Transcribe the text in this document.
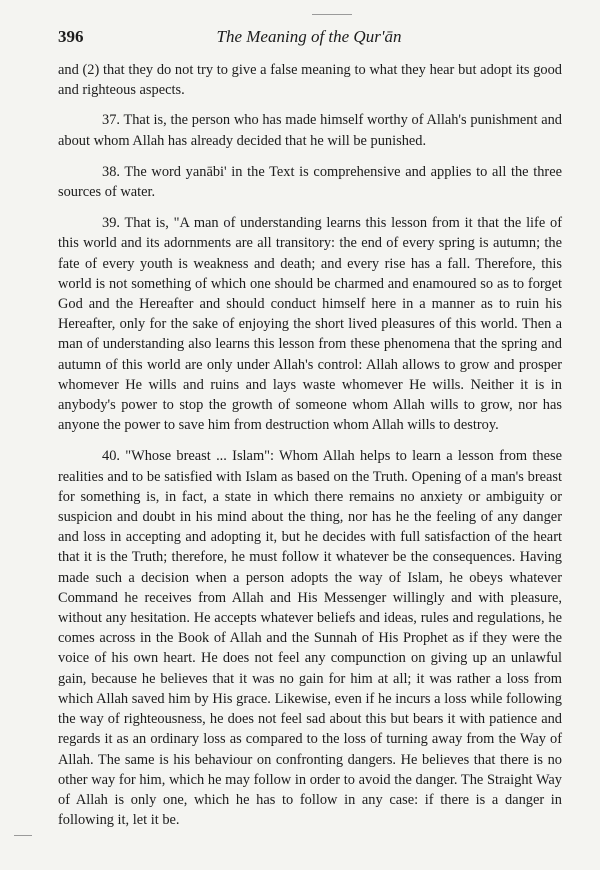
396	The Meaning of the Qur'ān

and (2) that they do not try to give a false meaning to what they hear but adopt its good and righteous aspects.

37. That is, the person who has made himself worthy of Allah's punishment and about whom Allah has already decided that he will be punished.

38. The word yanābi' in the Text is comprehensive and applies to all the three sources of water.

39. That is, "A man of understanding learns this lesson from it that the life of this world and its adornments are all transitory: the end of every spring is autumn; the fate of every youth is weakness and death; and every rise has a fall. Therefore, this world is not something of which one should be charmed and enamoured so as to forget God and the Hereafter and should conduct himself here in a manner as to ruin his Hereafter, only for the sake of enjoying the short lived pleasures of this world. Then a man of understanding also learns this lesson from these phenomena that the spring and autumn of this world are only under Allah's control: Allah allows to grow and prosper whomever He wills and ruins and lays waste whomever He wills. Neither it is in anybody's power to stop the growth of someone whom Allah wills to grow, nor has anyone the power to save him from destruction whom Allah wills to destroy.

40. "Whose breast ... Islam": Whom Allah helps to learn a lesson from these realities and to be satisfied with Islam as based on the Truth. Opening of a man's breast for something is, in fact, a state in which there remains no anxiety or ambiguity or suspicion and doubt in his mind about the thing, nor has he the feeling of any danger and loss in accepting and adopting it, but he decides with full satisfaction of the heart that it is the Truth; therefore, he must follow it whatever be the consequences. Having made such a decision when a person adopts the way of Islam, he obeys whatever Command he receives from Allah and His Messenger willingly and with pleasure, without any hesitation. He accepts whatever beliefs and ideas, rules and regulations, he comes across in the Book of Allah and the Sunnah of His Prophet as if they were the voice of his own heart. He does not feel any compunction on giving up an unlawful gain, because he believes that it was no gain for him at all; it was rather a loss from which Allah saved him by His grace. Likewise, even if he incurs a loss while following the way of righteousness, he does not feel sad about this but bears it with patience and regards it as an ordinary loss as compared to the loss of turning away from the Way of Allah. The same is his behaviour on confronting dangers. He believes that there is no other way for him, which he may follow in order to avoid the danger. The Straight Way of Allah is only one, which he has to follow in any case: if there is a danger in following it, let it be.
